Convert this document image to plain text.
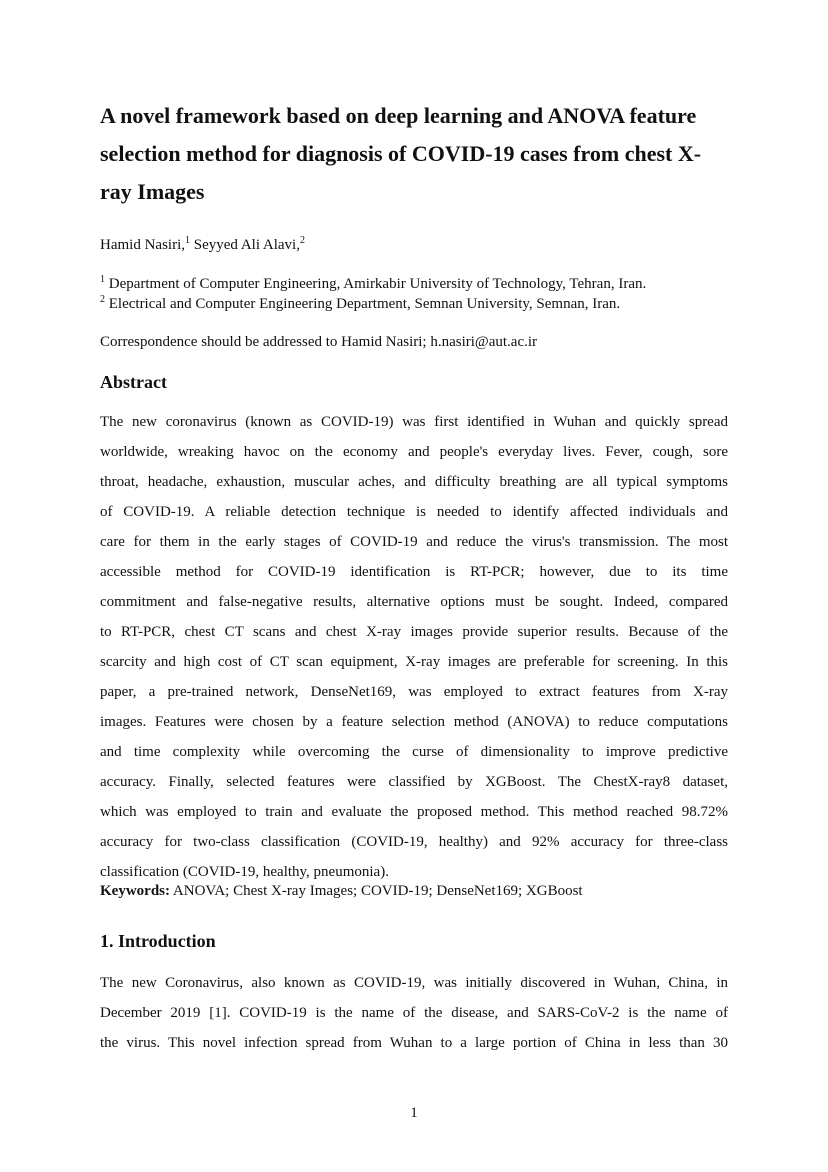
A novel framework based on deep learning and ANOVA feature
selection method for diagnosis of COVID-19 cases from chest X-
ray Images
Hamid Nasiri,$^1$ Seyyed Ali Alavi,$^2$
$^1$ Department of Computer Engineering, Amirkabir University of Technology, Tehran, Iran.
$^2$ Electrical and Computer Engineering Department, Semnan University, Semnan, Iran.
Correspondence should be addressed to Hamid Nasiri; h.nasiri@aut.ac.ir
Abstract
The new coronavirus (known as COVID-19) was first identified in Wuhan and quickly spread
worldwide, wreaking havoc on the economy and people's everyday lives. Fever, cough, sore
throat, headache, exhaustion, muscular aches, and difficulty breathing are all typical symptoms
of COVID-19. A reliable detection technique is needed to identify affected individuals and
care for them in the early stages of COVID-19 and reduce the virus's transmission. The most
accessible method for COVID-19 identification is RT-PCR; however, due to its time
commitment and false-negative results, alternative options must be sought. Indeed, compared
to RT-PCR, chest CT scans and chest X-ray images provide superior results. Because of the
scarcity and high cost of CT scan equipment, X-ray images are preferable for screening. In this
paper, a pre-trained network, DenseNet169, was employed to extract features from X-ray
images. Features were chosen by a feature selection method (ANOVA) to reduce computations
and time complexity while overcoming the curse of dimensionality to improve predictive
accuracy. Finally, selected features were classified by XGBoost. The ChestX-ray8 dataset,
which was employed to train and evaluate the proposed method. This method reached 98.72%
accuracy for two-class classification (COVID-19, healthy) and 92% accuracy for three-class
classification (COVID-19, healthy, pneumonia).
Keywords: ANOVA; Chest X-ray Images; COVID-19; DenseNet169; XGBoost
1. Introduction
The new Coronavirus, also known as COVID-19, was initially discovered in Wuhan, China, in
December 2019 [1]. COVID-19 is the name of the disease, and SARS-CoV-2 is the name of
the virus. This novel infection spread from Wuhan to a large portion of China in less than 30
1
